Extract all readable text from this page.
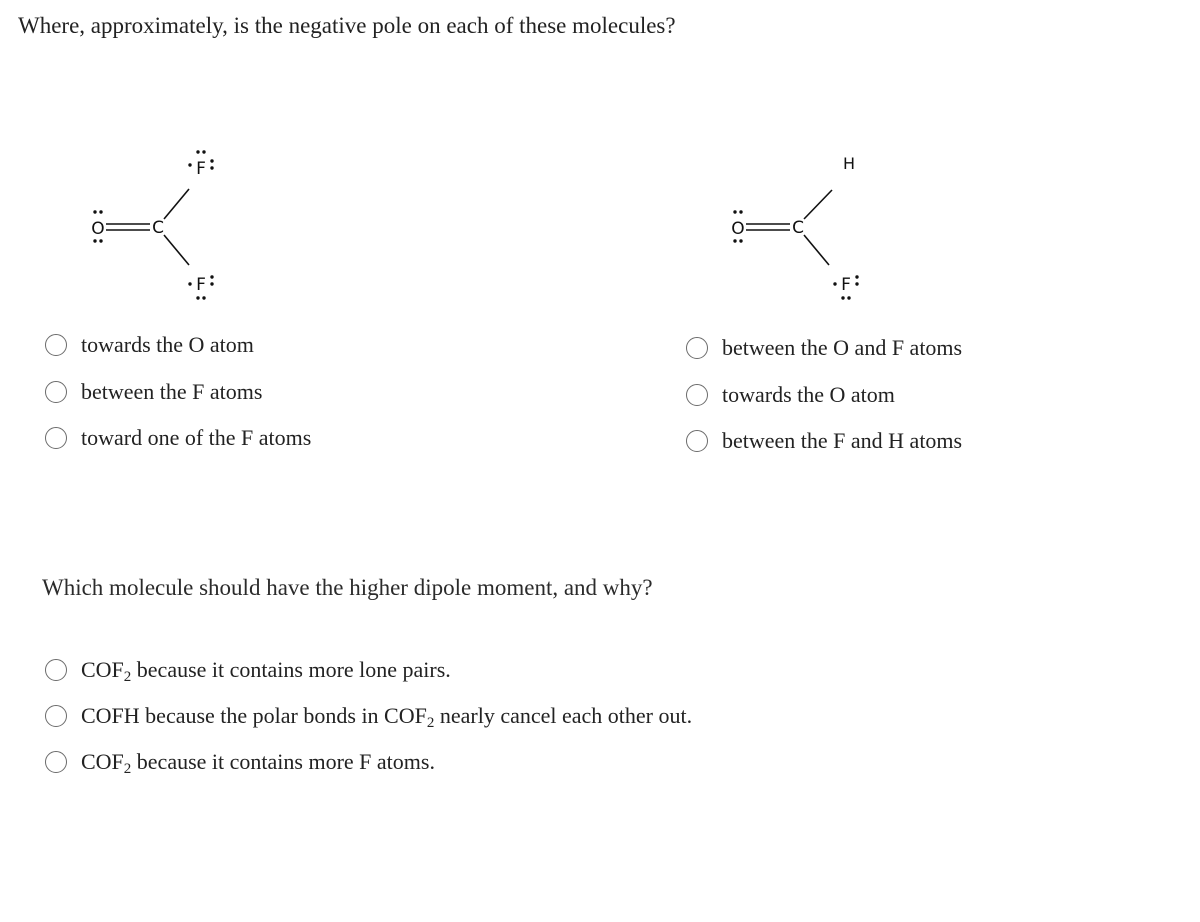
Where, approximately, is the negative pole on each of these molecules?

O	C
F
F
O	C
H
F
towards the O atom
between the F atoms
toward one of the F atoms
between the O and F atoms
towards the O atom
between the F and H atoms

Which molecule should have the higher dipole moment, and why?

$COF_2$ because it contains more lone pairs.
COFH because the polar bonds in $COF_2$ nearly cancel each other out.
$COF_2$ because it contains more F atoms.
